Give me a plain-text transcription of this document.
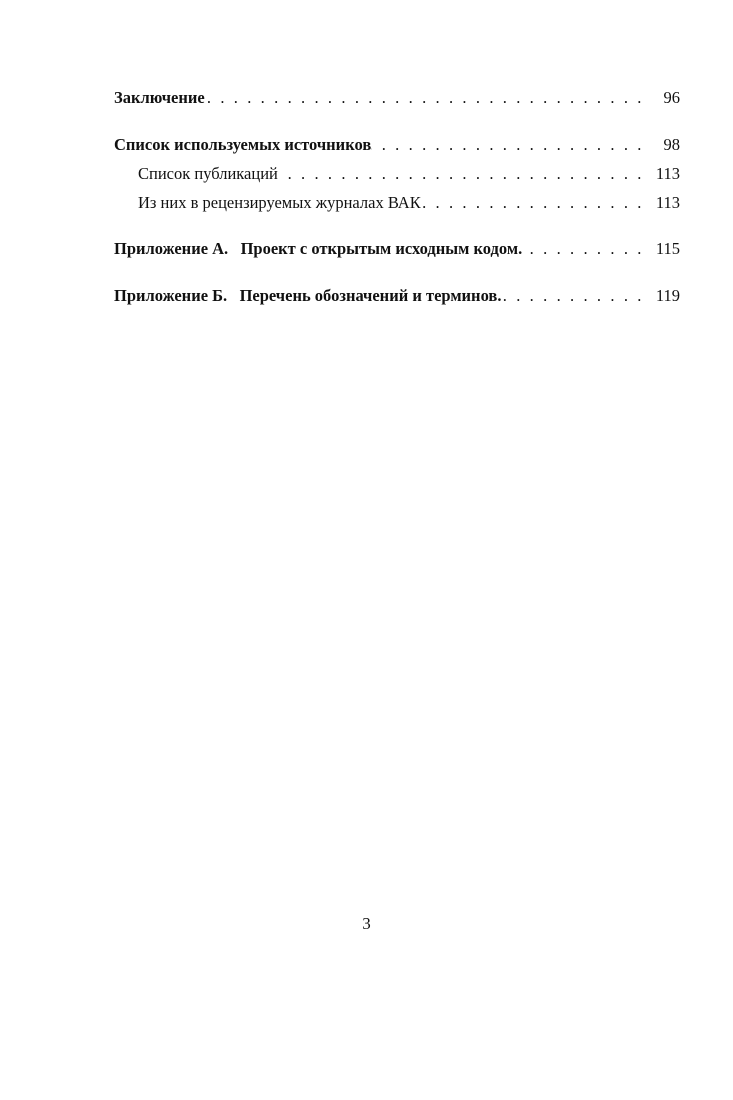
Заключение . . .	96
Список используемых источников . . .	98
Список публикаций . . .	113
Из них в рецензируемых журналах ВАК . . .	113
Приложение А. Проект с открытым исходным кодом. . . .	115
Приложение Б. Перечень обозначений и терминов. . . .	119
3
